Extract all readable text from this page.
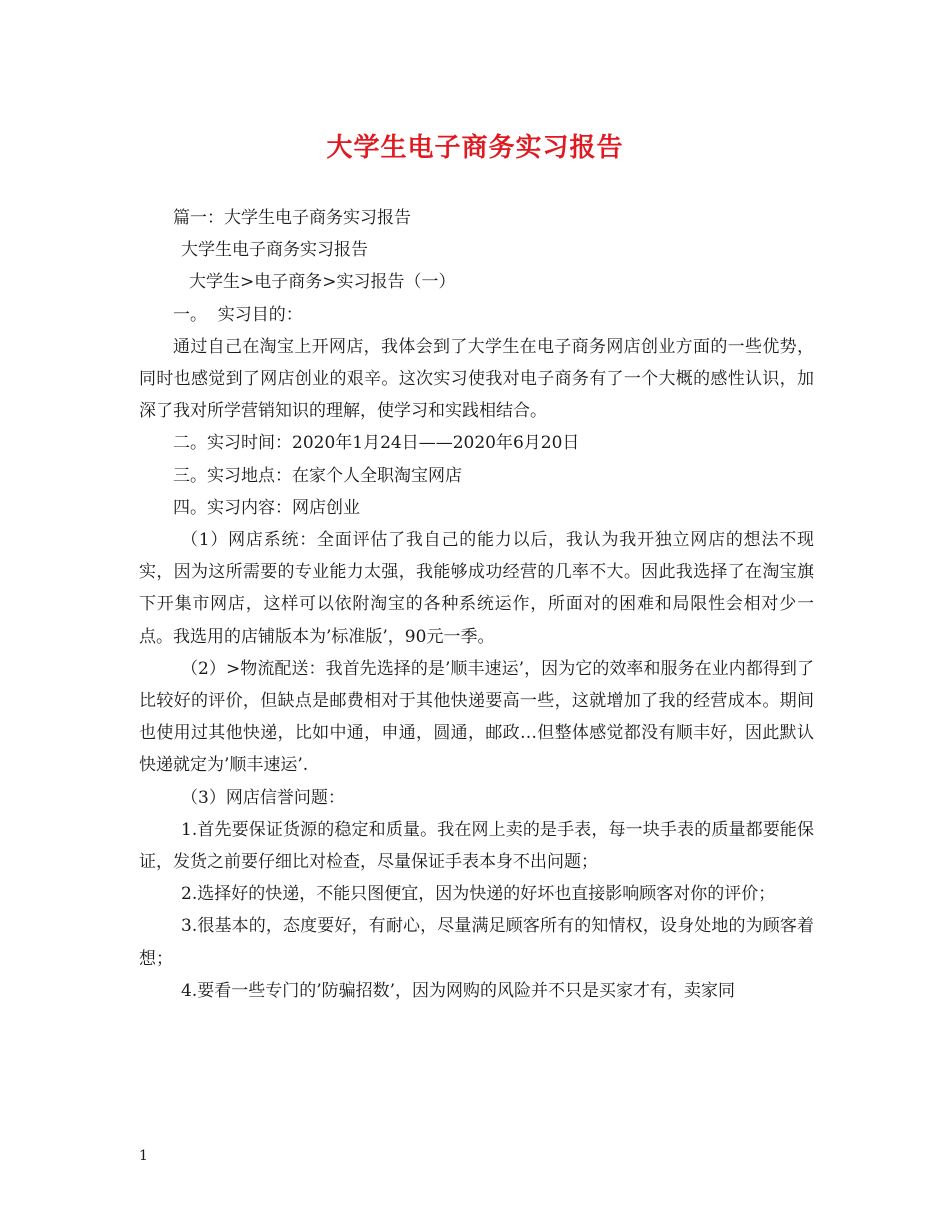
大学生电子商务实习报告

篇一：大学生电子商务实习报告

大学生电子商务实习报告

大学生>电子商务>实习报告（一）

一。  实习目的：

通过自己在淘宝上开网店，我体会到了大学生在电子商务网店创业方面的一些优势，同时也感觉到了网店创业的艰辛。这次实习使我对电子商务有了一个大概的感性认识，加深了我对所学营销知识的理解，使学习和实践相结合。

二。实习时间：2020年1月24日——2020年6月20日

三。实习地点：在家个人全职淘宝网店

四。实习内容：网店创业

（1）网店系统：全面评估了我自己的能力以后，我认为我开独立网店的想法不现实，因为这所需要的专业能力太强，我能够成功经营的几率不大。因此我选择了在淘宝旗下开集市网店，这样可以依附淘宝的各种系统运作，所面对的困难和局限性会相对少一点。我选用的店铺版本为’标准版’，90元一季。

（2）>物流配送：我首先选择的是’顺丰速运’，因为它的效率和服务在业内都得到了比较好的评价，但缺点是邮费相对于其他快递要高一些，这就增加了我的经营成本。期间也使用过其他快递，比如中通，申通，圆通，邮政…但整体感觉都没有顺丰好，因此默认快递就定为’顺丰速运’.

（3）网店信誉问题：

1.首先要保证货源的稳定和质量。我在网上卖的是手表，每一块手表的质量都要能保证，发货之前要仔细比对检查，尽量保证手表本身不出问题；

2.选择好的快递，不能只图便宜，因为快递的好坏也直接影响顾客对你的评价；

3.很基本的，态度要好，有耐心，尽量满足顾客所有的知情权，设身处地的为顾客着想；

4.要看一些专门的’防骗招数’，因为网购的风险并不只是买家才有，卖家同

1
